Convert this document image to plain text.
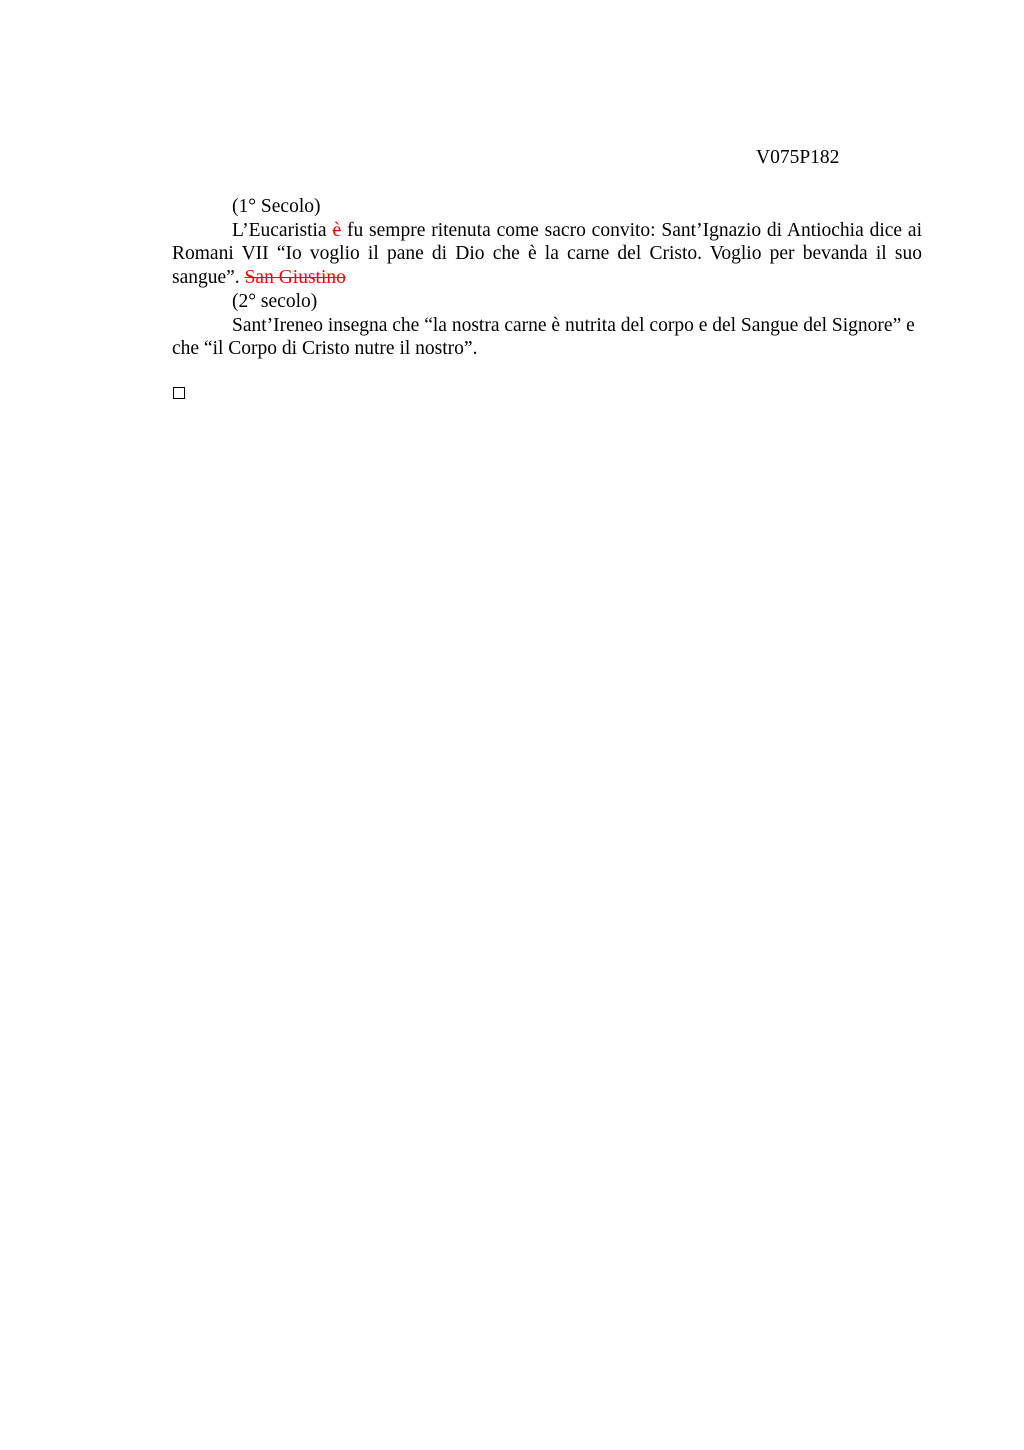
V075P182

(1° Secolo)

L’Eucaristia è fu sempre ritenuta come sacro convito: Sant’Ignazio di Antiochia dice ai Romani VII “Io voglio il pane di Dio che è la carne del Cristo. Voglio per bevanda il suo sangue”. San Giustino

(2° secolo)

Sant’Ireneo insegna che “la nostra carne è nutrita del corpo e del Sangue del Signore” e che “il Corpo di Cristo nutre il nostro”.
